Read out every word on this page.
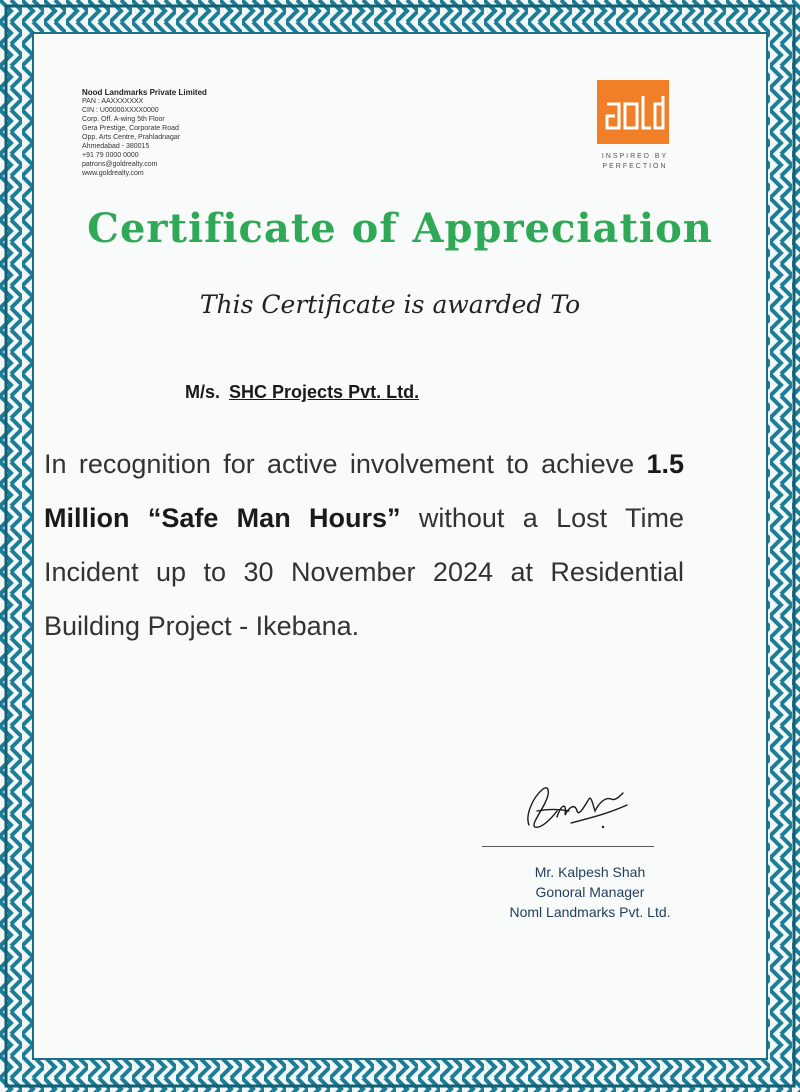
Nood Landmarks Private Limited
PAN : AAXXXXXXX
CIN : U00000XXXX0000
Corp. Off. A-wing 5th Floor
Gera Prestige, Corporate Road
Opp. Arts Centre, Prahladnagar
Ahmedabad - 380015
+91 79 0000 0000
patrons@goldrealty.com
www.goldrealty.com
INSPIRED BY
PERFECTION
Certificate of Appreciation
This Certificate is awarded To
M/s. SHC Projects Pvt. Ltd.
In recognition for active involvement to achieve 1.5 Million “Safe Man Hours” without a Lost Time Incident up to 30 November 2024 at Residential Building Project - Ikebana.
Mr. Kalpesh Shah
Gonoral Manager
Noml Landmarks Pvt. Ltd.
